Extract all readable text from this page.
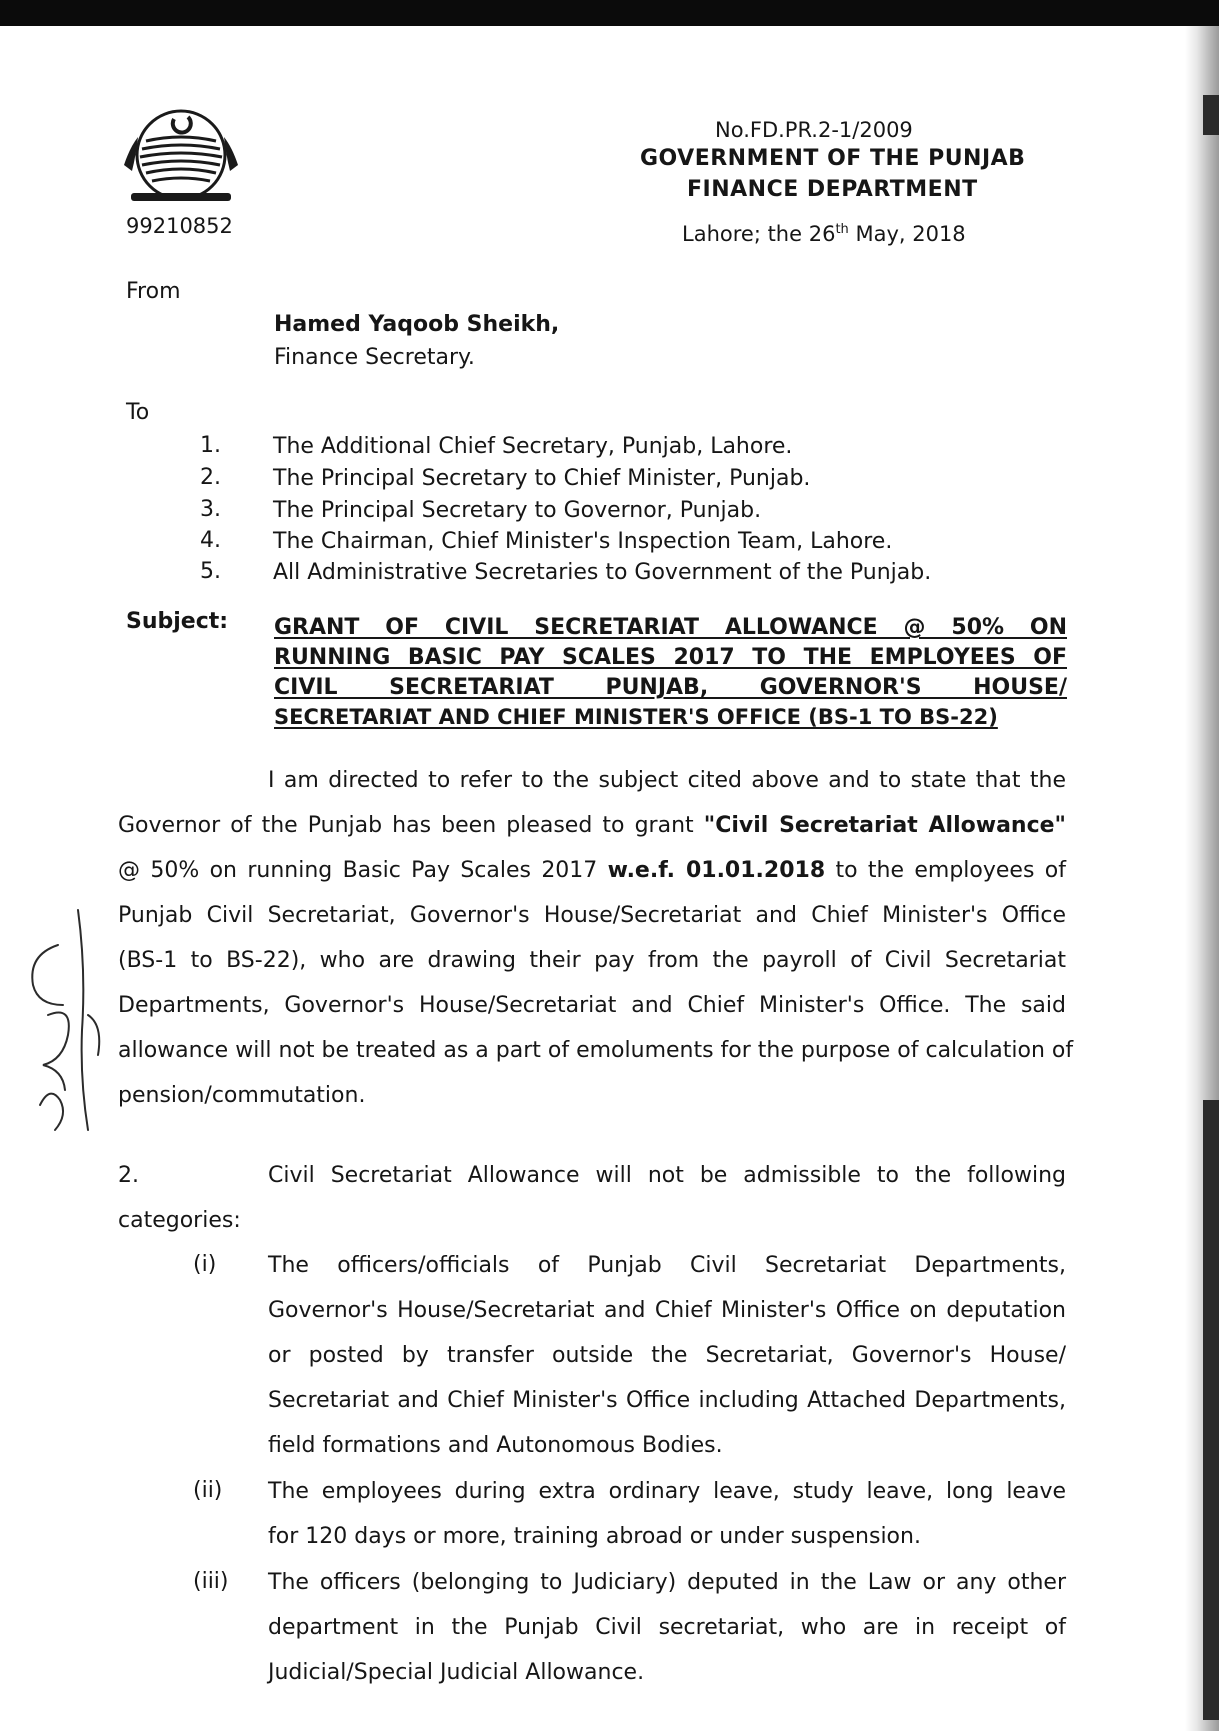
99210852
No.FD.PR.2-1/2009
GOVERNMENT OF THE PUNJAB
FINANCE DEPARTMENT
Lahore; the 26th May, 2018
From
Hamed Yaqoob Sheikh,
Finance Secretary.
To
1. The Additional Chief Secretary, Punjab, Lahore.
2. The Principal Secretary to Chief Minister, Punjab.
3. The Principal Secretary to Governor, Punjab.
4. The Chairman, Chief Minister's Inspection Team, Lahore.
5. All Administrative Secretaries to Government of the Punjab.
Subject: GRANT OF CIVIL SECRETARIAT ALLOWANCE @ 50% ON
RUNNING BASIC PAY SCALES 2017 TO THE EMPLOYEES OF
CIVIL SECRETARIAT PUNJAB, GOVERNOR'S HOUSE/
SECRETARIAT AND CHIEF MINISTER'S OFFICE (BS-1 TO BS-22)
I am directed to refer to the subject cited above and to state that the
Governor of the Punjab has been pleased to grant "Civil Secretariat Allowance"
@ 50% on running Basic Pay Scales 2017 w.e.f. 01.01.2018 to the employees of
Punjab Civil Secretariat, Governor's House/Secretariat and Chief Minister's Office
(BS-1 to BS-22), who are drawing their pay from the payroll of Civil Secretariat
Departments, Governor's House/Secretariat and Chief Minister's Office. The said
allowance will not be treated as a part of emoluments for the purpose of calculation of
pension/commutation.
2.	Civil Secretariat Allowance will not be admissible to the following
categories:
(i) The officers/officials of Punjab Civil Secretariat Departments,
Governor's House/Secretariat and Chief Minister's Office on deputation
or posted by transfer outside the Secretariat, Governor's House/
Secretariat and Chief Minister's Office including Attached Departments,
field formations and Autonomous Bodies.
(ii) The employees during extra ordinary leave, study leave, long leave
for 120 days or more, training abroad or under suspension.
(iii) The officers (belonging to Judiciary) deputed in the Law or any other
department in the Punjab Civil secretariat, who are in receipt of
Judicial/Special Judicial Allowance.
